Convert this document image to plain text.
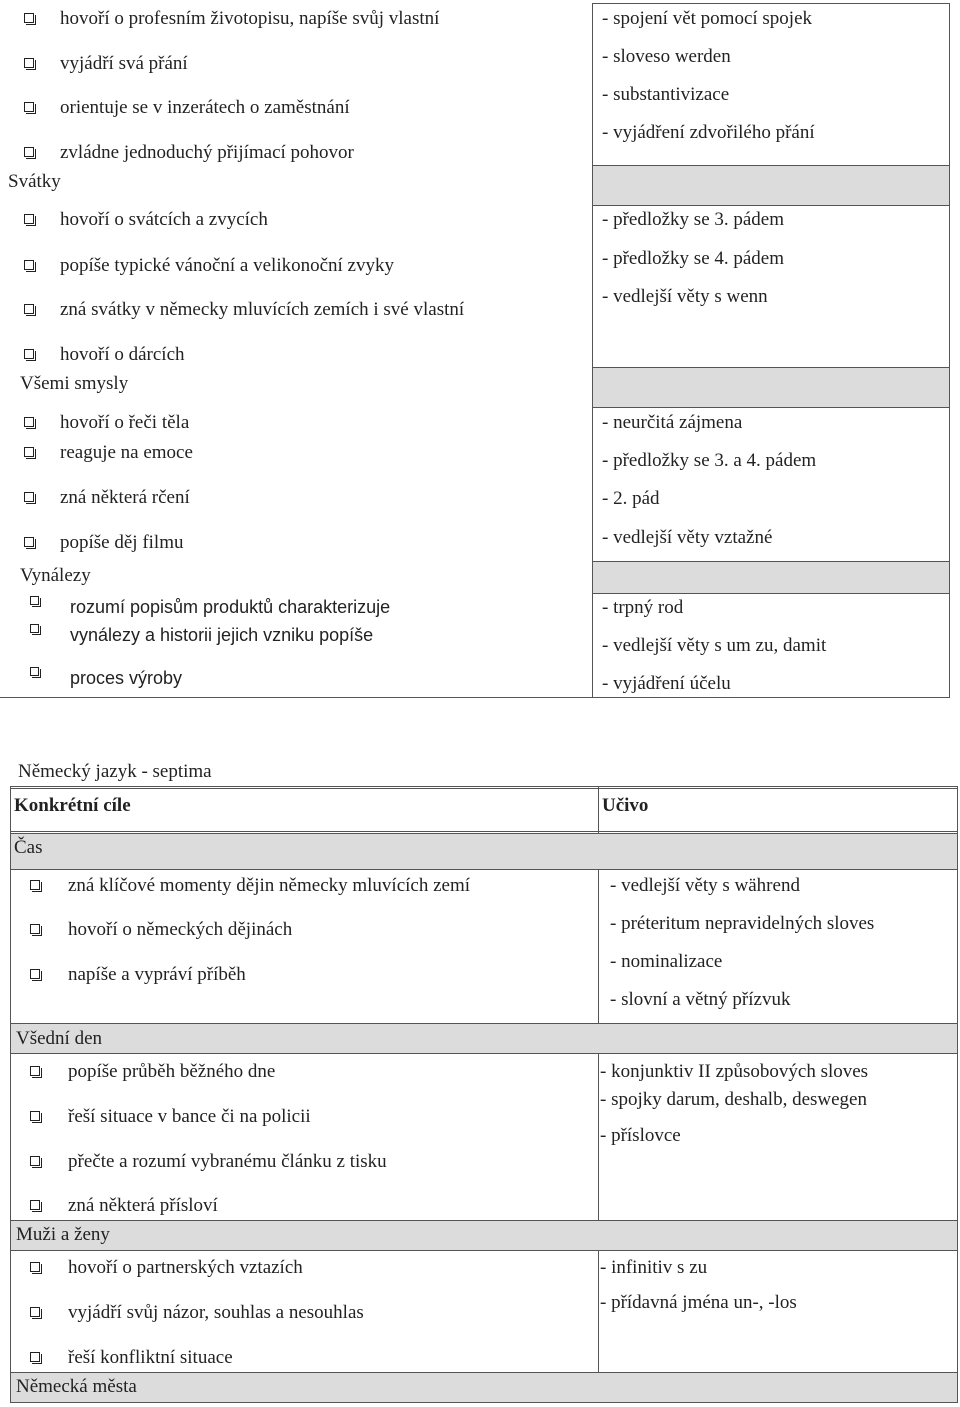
hovoří o profesním životopisu, napíše svůj vlastní
vyjádří svá přání
orientuje se v inzerátech o zaměstnání
zvládne jednoduchý přijímací pohovor
- spojení vět pomocí spojek
- sloveso werden
- substantivizace
- vyjádření zdvořilého přání
Svátky
hovoří o svátcích a zvycích
popíše typické vánoční a velikonoční zvyky
zná svátky v německy mluvících zemích i své vlastní
hovoří o dárcích
- předložky se 3. pádem
- předložky se 4. pádem
- vedlejší věty s wenn
Všemi smysly
hovoří o řeči těla
reaguje na emoce
zná některá rčení
popíše děj filmu
- neurčitá zájmena
- předložky se 3. a 4. pádem
- 2. pád
- vedlejší věty vztažné
Vynálezy
rozumí popisům produktů charakterizuje
vynálezy a historii jejich vzniku popíše
proces výroby
- trpný rod
- vedlejší věty s um zu, damit
- vyjádření účelu
Německý jazyk - septima
Konkrétní cíle	Učivo
Čas
zná klíčové momenty dějin německy mluvících zemí
hovoří o německých dějinách
napíše a vypráví příběh
- vedlejší věty s während
- préteritum nepravidelných sloves
- nominalizace
- slovní a větný přízvuk
Všední den
popíše průběh běžného dne
řeší situace v bance či na policii
přečte a rozumí vybranému článku z tisku
zná některá přísloví
- konjunktiv II způsobových sloves
- spojky darum, deshalb, deswegen
- příslovce
Muži a ženy
hovoří o partnerských vztazích
vyjádří svůj názor, souhlas a nesouhlas
řeší konfliktní situace
- infinitiv s zu
- přídavná jména un-, -los
Německá města
